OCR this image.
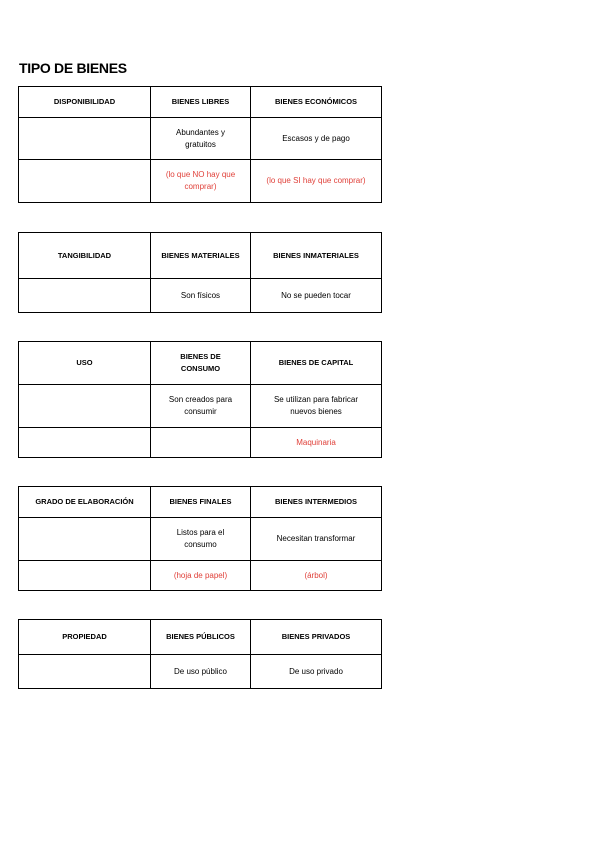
TIPO DE BIENES
DISPONIBILIDAD	BIENES LIBRES	BIENES ECONÓMICOS
	Abundantes y gratuitos	Escasos y de pago
	(lo que NO hay que comprar)	(lo que SI hay que comprar)
TANGIBILIDAD	BIENES MATERIALES	BIENES INMATERIALES
	Son físicos	No se pueden tocar
USO	BIENES DE CONSUMO	BIENES DE CAPITAL
	Son creados para consumir	Se utilizan para fabricar nuevos bienes
		Maquinaria
GRADO DE ELABORACIÓN	BIENES FINALES	BIENES INTERMEDIOS
	Listos para el consumo	Necesitan transformar
	(hoja de papel)	(árbol)
PROPIEDAD	BIENES PÚBLICOS	BIENES PRIVADOS
	De uso público	De uso privado
